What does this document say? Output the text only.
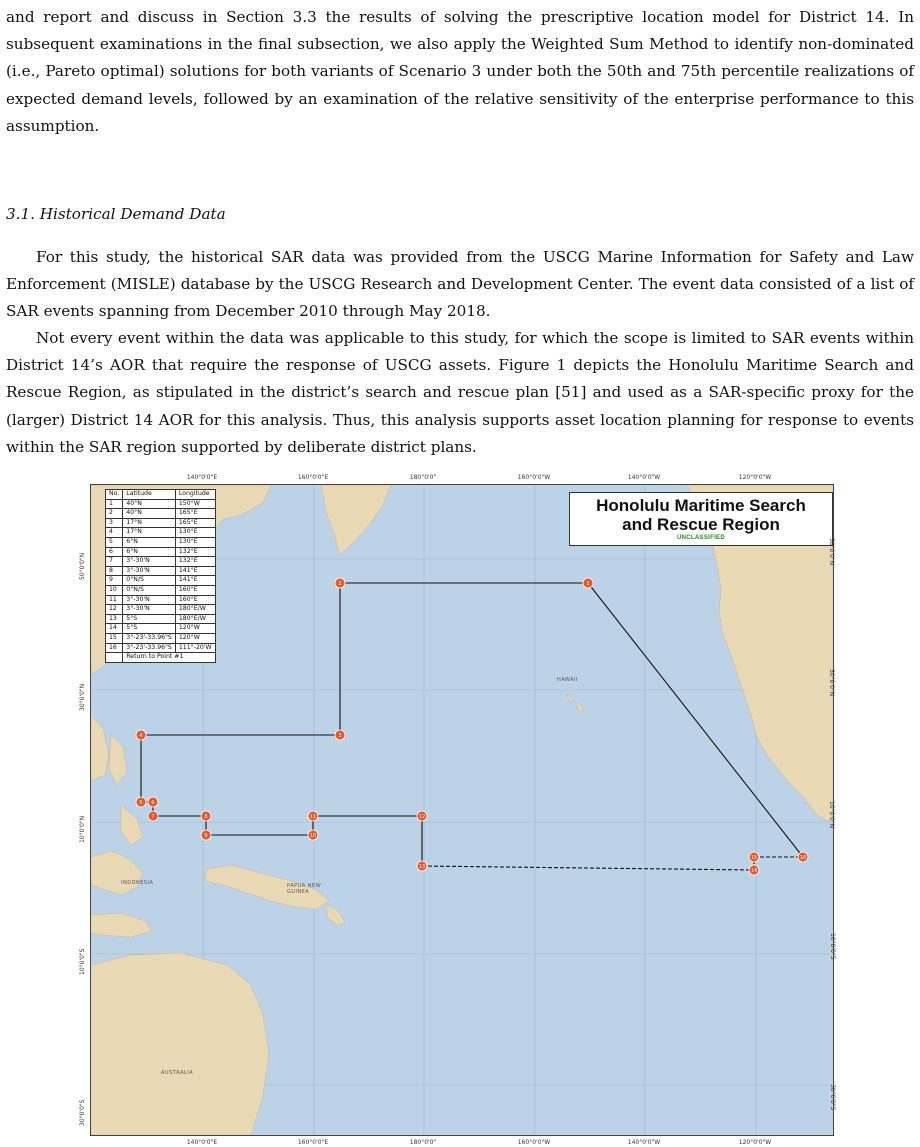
and report and discuss in Section 3.3 the results of solving the prescriptive location model for District 14. In subsequent examinations in the final subsection, we also apply the Weighted Sum Method to identify non-dominated (i.e., Pareto optimal) solutions for both variants of Scenario 3 under both the 50th and 75th percentile realizations of expected demand levels, followed by an examination of the relative sensitivity of the enterprise performance to this assumption.

3.1. Historical Demand Data

For this study, the historical SAR data was provided from the USCG Marine Information for Safety and Law Enforcement (MISLE) database by the USCG Research and Development Center. The event data consisted of a list of SAR events spanning from December 2010 through May 2018.

Not every event within the data was applicable to this study, for which the scope is limited to SAR events within District 14’s AOR that require the response of USCG assets. Figure 1 depicts the Honolulu Maritime Search and Rescue Region, as stipulated in the district’s search and rescue plan [51] and used as a SAR-specific proxy for the (larger) District 14 AOR for this analysis. Thus, this analysis supports asset location planning for response to events within the SAR region supported by deliberate district plans.

1
2
3
4
5 6
7	8
9	10
11	12
13
14
15	16
HAWAII
PAPUA NEW GUINEA
INDONESIA
AUSTRALIA
No.	Latitude	Longitude
1	40°N	150°W
2	40°N	165°E
3	17°N	165°E
4	17°N	130°E
5	6°N	130°E
6	6°N	132°E
7	3°-30'N	132°E
8	3°-30'N	141°E
9	0°N/S	141°E
10	0°N/S	160°E
11	3°-30'N	160°E
12	3°-30'N	180°E/W
13	5°S	180°E/W
14	5°S	120°W
15	3°-23'-33.96"S	120°W
16	3°-23'-33.96"S	111°-20'W
	Return to Point #1	

Honolulu Maritime Search

and Rescue Region

UNCLASSIFIED
140°0'0"E	160°0'0"E	180°0'0"	160°0'0"W	140°0'0"W	120°0'0"W
140°0'0"E	160°0'0"E	180°0'0"	160°0'0"W	140°0'0"W	120°0'0"W
50°0'0"N
30°0'0"N
10°0'0"N
10°0'0"S
30°0'0"S
50°0'0"N
30°0'0"N
10°0'0"N
10°0'0"S
30°0'0"S
